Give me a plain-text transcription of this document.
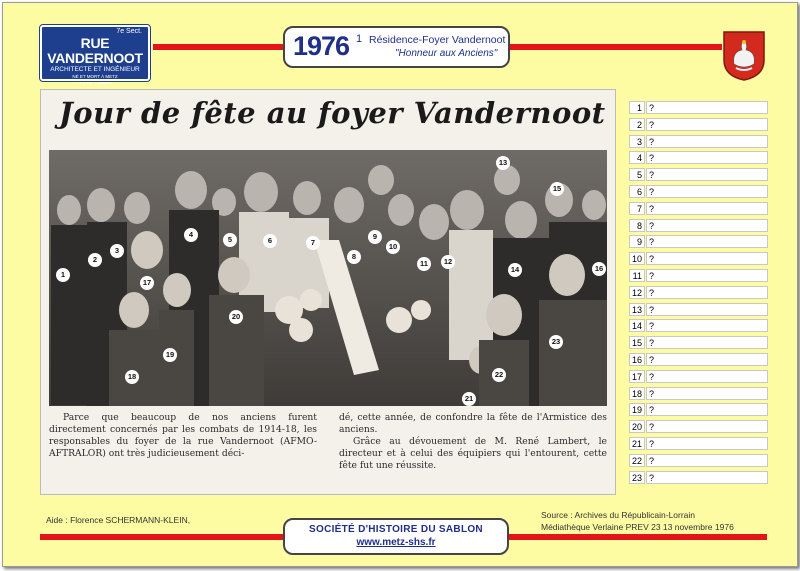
7e Sect.
RUE VANDERNOOT
ARCHITECTE ET INGÉNIEUR
NÉ ET MORT À METZ
1795 - 1866
1976 1 Résidence-Foyer Vandernoot
"Honneur aux Anciens"
Jour de fête au foyer Vandernoot
1
2
3
4
5	6	7
8
9
10
11	12
13
14
15
16
17
18
19
20
21
22
23

Parce que beaucoup de nos anciens furent directement concernés par les combats de 1914-18, les responsables du foyer de la rue Vandernoot (AFMO-AFTRALOR) ont très judicieusement déci-

dé, cette année, de confondre la fête de l'Armistice des anciens.

Grâce au dévouement de M. René Lambert, le directeur et à celui des équipiers qui l'entourent, cette fête fut une réussite.

1 ?
2 ?
3 ?
4 ?
5 ?
6 ?
7 ?
8 ?
9 ?
10 ?
11 ?
12 ?
13 ?
14 ?
15 ?
16 ?
17 ?
18 ?
19 ?
20 ?
21 ?
22 ?
23 ?
Aide : Florence SCHERMANN-KLEIN,	Source : Archives du Républicain-Lorrain
Médiathèque Verlaine PREV 23 13 novembre 1976
SOCIÉTÉ D'HISTOIRE DU SABLON
www.metz-shs.fr
